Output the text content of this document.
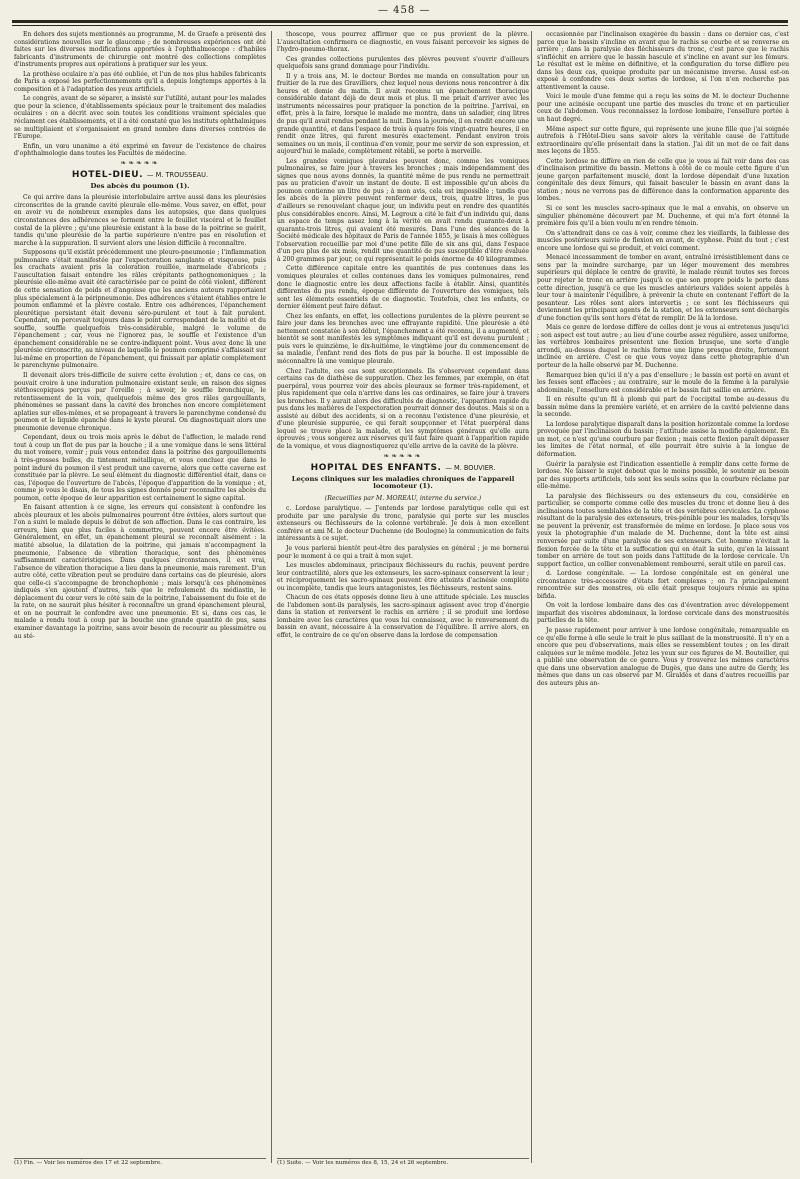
— 458 —

En dehors des sujets mentionnés au programme, M. de Graefe a présenté des considérations nouvelles sur le glaucome ; de nombreuses expériences ont été faites sur les diverses modifications apportées à l'ophthalmoscope : d'habiles fabricants d'instruments de chirurgie ont montré des collections complètes d'instruments propres aux opérations à pratiquer sur les yeux.

La prothèse oculaire n'a pas été oubliée, et l'un de nos plus habiles fabricants de Paris a exposé les perfectionnements qu'il a depuis longtemps apportés à la composition et à l'adaptation des yeux artificiels.

Le congrès, avant de se séparer, a insisté sur l'utilité, autant pour les malades que pour la science, d'établissements spéciaux pour le traitement des maladies oculaires : on a décrit avec soin toutes les conditions vraiment spéciales que réclament ces établissements, et il a été constaté que les instituts ophthalmiques se multipliaient et s'organisaient en grand nombre dans diverses contrées de l'Europe.

Enfin, un vœu unanime a été exprimé en faveur de l'existence de chaires d'ophthalmologie dans toutes les Facultés de médecine.

❧❧❧❧❧
HOTEL-DIEU. — M. TROUSSEAU.
Des abcès du poumon (1).

Ce qui arrive dans la pleurésie interlobulaire arrive aussi dans les pleurésies circonscrites de la grande cavité pleurale elle-même. Vous savez, en effet, pour en avoir vu de nombreux exemples dans les autopsies, que dans quelques circonstances des adhérences se forment entre le feuillet viscéral et le feuillet costal de la plèvre ; qu'une pleurésie existant à la base de la poitrine se guérit, tandis qu'une pleurésie de la partie supérieure n'entre pas en résolution et marche à la suppuration. Il survient alors une lésion difficile à reconnaître.

Supposons qu'il existât précédemment une pleuro-pneumonie ; l'inflammation pulmonaire s'était manifestée par l'expectoration sanglante et visqueuse, puis les crachats avaient pris la coloration rouillée, marmelade d'abricots ; l'auscultation faisait entendre les râles crépitants pathognomoniques ; la pleurésie elle-même avait été caractérisée par ce point de côté violent, différent de cette sensation de poids et d'angoisse que les anciens auteurs rapportaient plus spécialement à la péripneumonie. Des adhérences s'étaient établies entre le poumon enflammé et la plèvre costale. Entre ces adhérences, l'épanchement pleurétique persistant était devenu séro-purulent et tout à fait purulent. Cependant, on percevait toujours dans le point correspondant de la matité et du souffle, souffle quelquefois très-considérable, malgré le volume de l'épanchement ; car, vous ne l'ignorez pas, le souffle et l'existence d'un épanchement considérable ne se contre-indiquent point. Vous avez donc là une pleurésie circonscrite, au niveau de laquelle le poumon comprimé s'affaissait sur lui-même en proportion de l'épanchement, qui finissait par aplatir complètement le parenchyme pulmonaire.

Il devenait alors très-difficile de suivre cette évolution ; et, dans ce cas, on pouvait croire à une induration pulmonaire existant seule, en raison des signes stéthoscopiques perçus par l'oreille ; à savoir, le souffle bronchique, le retentissement de la voix, quelquefois même des gros râles gargouillants, phénomènes se passant dans la cavité des bronches non encore complètement aplaties sur elles-mêmes, et se propageant à travers le parenchyme condensé du poumon et le liquide épanché dans le kyste pleural. On diagnostiquait alors une pneumonie devenue chronique.

Cependant, deux ou trois mois après le début de l'affection, le malade rend tout à coup un flot de pus par la bouche ; il a une vomique dans le sens littéral du mot vomere, vomir ; puis vous entendez dans la poitrine des gargouillements à très-grosses bulles, du tintement métallique, et vous concluez que dans le point induré du poumon il s'est produit une caverne, alors que cette caverne est constituée par la plèvre. Le seul élément du diagnostic différentiel était, dans ce cas, l'époque de l'ouverture de l'abcès, l'époque d'apparition de la vomique ; et, comme je vous le disais, de tous les signes donnés pour reconnaître les abcès du poumon, cette époque de leur apparition est certainement le signe capital.

En faisant attention à ce signe, les erreurs qui consistent à confondre les abcès pleuraux et les abcès pulmonaires pourront être évitées, alors surtout que l'on a suivi le malade depuis le début de son affection. Dans le cas contraire, les erreurs, bien que plus faciles à commettre, peuvent encore être évitées. Généralement, en effet, un épanchement pleural se reconnaît aisément : la matité absolue, la dilatation de la poitrine, qui jamais n'accompagnent la pneumonie, l'absence de vibration thoracique, sont des phénomènes suffisamment caractéristiques. Dans quelques circonstances, il est vrai, l'absence de vibration thoracique a lieu dans la pneumonie, mais rarement. D'un autre côté, cette vibration peut se produire dans certains cas de pleurésie, alors que celle-ci s'accompagne de bronchophonie ; mais lorsqu'à ces phénomènes indiqués s'en ajoutent d'autres, tels que le refoulement du médiastin, le déplacement du cœur vers le côté sain de la poitrine, l'abaissement du foie et de la rate, on ne saurait plus hésiter à reconnaître un grand épanchement pleural, et on ne pourrait le confondre avec une pneumonie. Et si, dans ces cas, le malade a rendu tout à coup par la bouche une grande quantité de pus, sans examiner davantage la poitrine, sans avoir besoin de recourir au plessimètre ou au sté-

(1) Fin. — Voir les numéros des 17 et 22 septembre.

thoscope, vous pourrez affirmer que ce pus provient de la plèvre. L'auscultation confirmera ce diagnostic, en vous faisant percevoir les signes de l'hydro-pneumo-thorax.

Ces grandes collections purulentes des plèvres peuvent s'ouvrir d'ailleurs quelquefois sans grand dommage pour l'individu.

Il y a trois ans, M. le docteur Bordes me manda en consultation pour un fruitier de la rue des Gravilliers, chez lequel nous devions nous rencontrer à dix heures et demie du matin. Il avait reconnu un épanchement thoracique considérable datant déjà de deux mois et plus. Il me priait d'arriver avec les instruments nécessaires pour pratiquer la ponction de la poitrine. J'arrivai, en effet, près à la faire, lorsque le malade me montra, dans un saladier, cinq litres de pus qu'il avait rendus pendant la nuit. Dans la journée, il en rendit encore une grande quantité, et dans l'espace de trois à quatre fois vingt-quatre heures, il en rendit onze litres, qui furent mesurés exactement. Pendant environ trois semaines ou un mois, il continua d'en vomir, pour me servir de son expression, et aujourd'hui le malade, complètement rétabli, se porte à merveille.

Les grandes vomiques pleurales peuvent donc, comme les vomiques pulmonaires, se faire jour à travers les bronches ; mais indépendamment des signes que nous avons donnés, la quantité même de pus rendu ne permettrait pas au praticien d'avoir un instant de doute. Il est impossible qu'un abcès du poumon contienne un litre de pus ; à mon avis, cela est impossible ; tandis que les abcès de la plèvre peuvent renfermer deux, trois, quatre litres, le pus d'ailleurs se renouvelant chaque jour, un individu peut en rendre des quantités plus considérables encore. Ainsi, M. Legroux a cité le fait d'un individu qui, dans un espace de temps assez long à la vérité en avait rendu quarante-deux à quarante-trois litres, qui avaient été mesurés. Dans l'une des séances de la Société médicale des hôpitaux de Paris de l'année 1855, je lisais à mes collègues l'observation recueillie par moi d'une petite fille de six ans qui, dans l'espace d'un peu plus de six mois, rendit une quantité de pus susceptible d'être évaluée à 200 grammes par jour, ce qui représentait le poids énorme de 40 kilogrammes.

Cette différence capitale entre les quantités de pus contenues dans les vomiques pleurales et celles contenues dans les vomiques pulmonaires, rend donc le diagnostic entre les deux affections facile à établir. Ainsi, quantités différentes du pus rendu, époque différente de l'ouverture des vomiques, tels sont les éléments essentiels de ce diagnostic. Toutefois, chez les enfants, ce dernier élément peut faire défaut.

Chez les enfants, en effet, les collections purulentes de la plèvre peuvent se faire jour dans les bronches avec une effrayante rapidité. Une pleurésie a été nettement constatée à son début, l'épanchement a été reconnu, il a augmenté, et bientôt se sont manifestés les symptômes indiquant qu'il est devenu purulent ; puis vers le quinzième, le dix-huitième, le vingtième jour du commencement de sa maladie, l'enfant rend des flots de pus par la bouche. Il est impossible de méconnaître là une vomique pleurale.

Chez l'adulte, ces cas sont exceptionnels. Ils s'observent cependant dans certains cas de diathèse de suppuration. Chez les femmes, par exemple, en état puerpéral, vous pourrez voir des abcès pleuraux se former très-rapidement, et plus rapidement que cela n'arrive dans les cas ordinaires, se faire jour à travers les bronches. Il y aurait alors des difficultés de diagnostic, l'apparition rapide du pus dans les matières de l'expectoration pourrait donner des doutes. Mais si on a assisté au début des accidents, si on a reconnu l'existence d'une pleurésie, et d'une pleurésie suppurée, ce qui ferait soupçonner et l'état puerpéral dans lequel se trouve placé la malade, et les symptômes généraux qu'elle aura éprouvés ; vous songerez aux réserves qu'il faut faire quant à l'apparition rapide de la vomique, et vous diagnostiquerez qu'elle arrive de la cavité de la plèvre.

❧❧❧❧❧
HOPITAL DES ENFANTS. — M. BOUVIER.
Leçons cliniques sur les maladies chroniques de l'appareil locomoteur (1).
(Recueillies par M. MOREAU, interne du service.)

c. Lordose paralytique. — J'entends par lordose paralytique celle qui est produite par une paralysie du tronc, paralysie qui porte sur les muscles extenseurs ou fléchisseurs de la colonne vertébrale. Je dois à mon excellent confrère et ami M. le docteur Duchenne (de Boulogne) la communication de faits intéressants à ce sujet.

Je vous parlerai bientôt peut-être des paralysies en général ; je me bornerai pour le moment à ce qui a trait à mon sujet.

Les muscles abdominaux, principaux fléchisseurs du rachis, peuvent perdre leur contractilité, alors que les extenseurs, les sacro-spinaux conservent la leur ; et réciproquement les sacro-spinaux peuvent être atteints d'acinésie complète ou incomplète, tandis que leurs antagonistes, les fléchisseurs, restent sains.

Chacun de ces états opposés donne lieu à une attitude spéciale. Les muscles de l'abdomen sont-ils paralysés, les sacro-spinaux agissent avec trop d'énergie dans la station et renversent le rachis en arrière ; il se produit une lordose lombaire avec les caractères que vous lui connaissez, avec le renversement du bassin en avant, nécessaire à la conservation de l'équilibre. Il arrive alors, en effet, le contraire de ce qu'on observe dans la lordose de compensation

(1) Suite. — Voir les numéros des 8, 15, 24 et 26 septembre.

occasionnée par l'inclinaison exagérée du bassin : dans ce dernier cas, c'est parce que le bassin s'incline en avant que le rachis se courbe et se renverse en arrière ; dans la paralysie des fléchisseurs du tronc, c'est parce que le rachis s'infléchit en arrière que le bassin bascule et s'incline en avant sur les fémurs. Le résultat est le même en définitive, et la configuration du torse diffère peu dans les deux cas, quoique produite par un mécanisme inverse. Aussi est-on exposé à confondre ces deux sortes de lordose, si l'on n'en recherche pas attentivement la cause.

Voici le moule d'une femme qui a reçu les soins de M. le docteur Duchenne pour une acinésie occupant une partie des muscles du tronc et en particulier ceux de l'abdomen. Vous reconnaissez la lordose lombaire, l'ensellure portée à un haut degré.

Même aspect sur cette figure, qui représente une jeune fille que j'ai soignée autrefois à l'Hôtel-Dieu sans savoir alors la véritable cause de l'attitude extraordinaire qu'elle présentait dans la station. J'ai dit un mot de ce fait dans mes leçons de 1855.

Cette lordose ne diffère en rien de celle que je vous ai fait voir dans des cas d'inclinaison primitive du bassin. Mettons à côté de ce moule cette figure d'un jeune garçon parfaitement musclé, dont la lordose dépendait d'une luxation congénitale des deux fémurs, qui faisait basculer le bassin en avant dans la station ; nous ne verrons pas de différence dans la conformation apparente des lombes.

Si ce sont les muscles sacro-spinaux que le mal a envahis, on observe un singulier phénomène découvert par M. Duchenne, et qui m'a fort étonné la première fois qu'il a bien voulu m'en rendre témoin.

On s'attendrait dans ce cas à voir, comme chez les vieillards, la faiblesse des muscles postérieurs suivie de flexion en avant, de cyphose. Point du tout ; c'est encore une lordose qui se produit, et voici comment.

Menacé incessamment de tomber en avant, entraîné irrésistiblement dans ce sens par la moindre surcharge, par un léger mouvement des membres supérieurs qui déplace le centre de gravité, le malade réunit toutes ses forces pour rejeter le tronc en arrière jusqu'à ce que son propre poids le porte dans cette direction, jusqu'à ce que les muscles antérieurs valides soient appelés à leur tour à maintenir l'équilibre, à prévenir la chute en contenant l'effort de la pesanteur. Les rôles sont alors intervertis ; ce sont les fléchisseurs qui deviennent les principaux agents de la station, et les extenseurs sont déchargés d'une fonction qu'ils sont hors d'état de remplir. De là la lordose.

Mais ce genre de lordose diffère de celles dont je vous ai entretenus jusqu'ici ; son aspect est tout autre ; au lieu d'une courbe assez régulière, assez uniforme, les vertèbres lombaires présentent une flexion brusque, une sorte d'angle arrondi, au-dessus duquel le rachis forme une ligne presque droite, fortement inclinée en arrière. C'est ce que vous voyez dans cette photographie d'un porteur de la halle observé par M. Duchenne.

Remarquez bien qu'ici il n'y a pas d'ensellure ; le bassin est porté en avant et les fesses sont effacées ; au contraire, sur le moule de la femme à la paralysie abdominale, l'ensellure est considérable et le bassin fait saillie en arrière.

Il en résulte qu'un fil à plomb qui part de l'occipital tombe au-dessus du bassin même dans la première variété, et en arrière de la cavité pelvienne dans la seconde.

La lordose paralytique disparaît dans la position horizontale comme la lordose provoquée par l'inclinaison du bassin ; l'attitude assise la modifie également. En un mot, ce n'est qu'une courbure par flexion ; mais cette flexion paraît dépasser les limites de l'état normal, et elle pourrait être suivie à la longue de déformation.

Guérir la paralysie est l'indication essentielle à remplir dans cette forme de lordose. Ne laisser le sujet debout que le moins possible, le soutenir au besoin par des supports artificiels, tels sont les seuls soins que la courbure réclame par elle-même.

La paralysie des fléchisseurs ou des extenseurs du cou, considérée en particulier, se comporte comme celle des muscles du tronc et donne lieu à des inclinaisons toutes semblables de la tête et des vertèbres cervicales. La cyphose résultant de la paralysie des extenseurs, très-pénible pour les malades, lorsqu'ils ne peuvent la prévenir, est transformée de même en lordose. Je place sous vos yeux la photographie d'un malade de M. Duchenne, dont la tête est ainsi renversée par suite d'une paralysie de ses extenseurs. Cet homme n'évitait la flexion forcée de la tête et la suffocation qui en était la suite, qu'en la laissant tomber en arrière de tout son poids dans l'attitude de la lordose cervicale. Un support factice, un collier convenablement rembourré, serait utile en pareil cas.

d. Lordose congénitale. — La lordose congénitale est en général une circonstance très-accessoire d'états fort complexes ; on l'a principalement rencontrée sur des monstres, où elle était presque toujours réunie au spina bifida.

On voit la lordose lombaire dans des cas d'éventration avec développement imparfait des viscères abdominaux, la lordose cervicale dans des monstruosités partielles de la tête.

Je passe rapidement pour arriver à une lordose congénitale, remarquable en ce qu'elle forme à elle seule le trait le plus saillant de la monstruosité. Il n'y en a encore que peu d'observations, mais elles se ressemblent toutes ; on les dirait calquées sur le même modèle. Jetez les yeux sur ces figures de M. Bouteiller, qui a publié une observation de ce genre. Vous y trouverez les mêmes caractères que dans une observation analogue de Dugès, que dans une autre de Gerdy, les mêmes que dans un cas observé par M. Giraldès et dans d'autres recueillis par des auteurs plus an-
